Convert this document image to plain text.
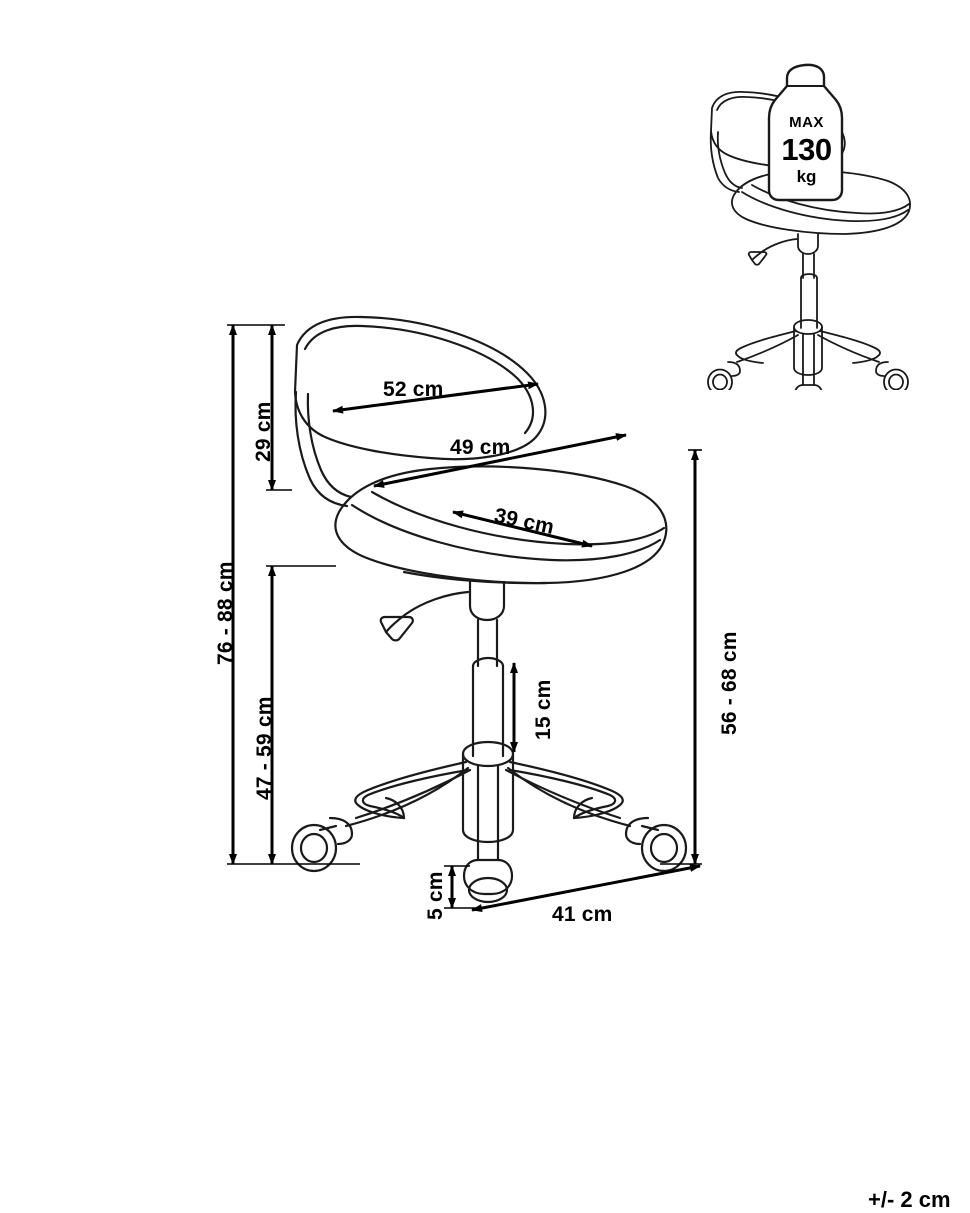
52 cm
49 cm
39 cm
29 cm
76 - 88 cm
47 - 59 cm
56 - 68 cm
15 cm
5 cm	41 cm
+/- 2 cm
MAX
130
kg
